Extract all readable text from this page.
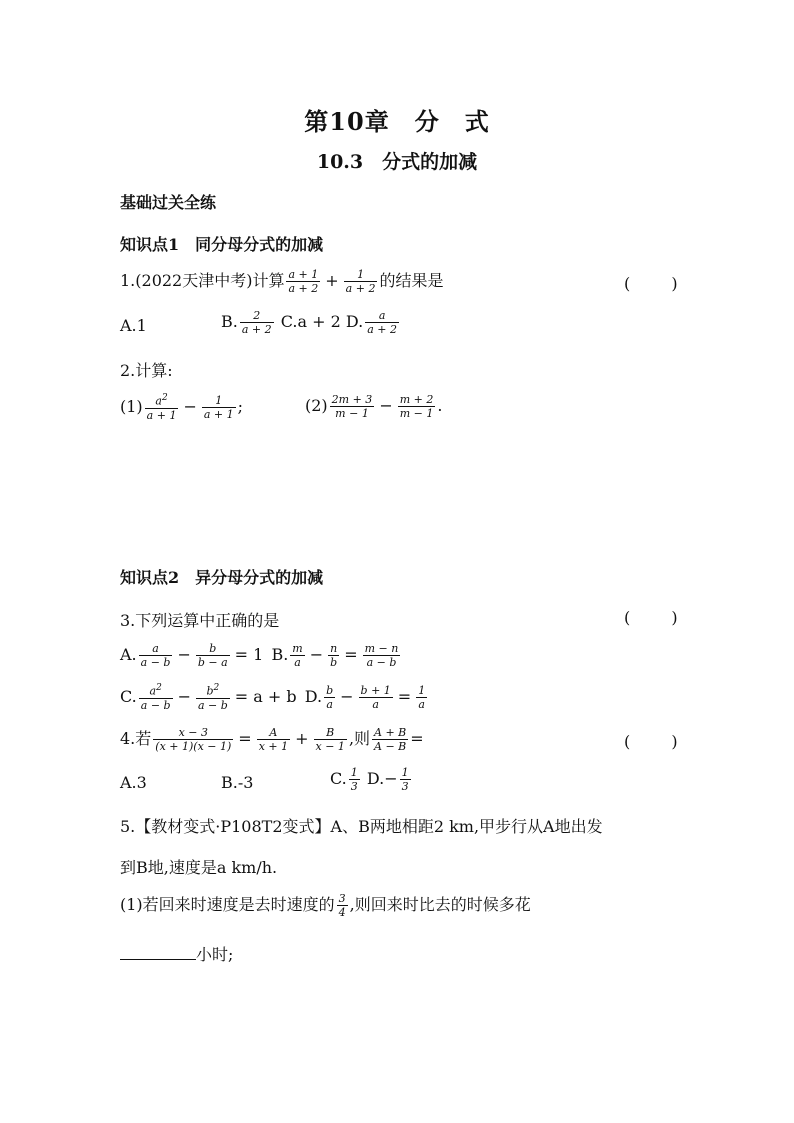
第10章　分　式
10.3　分式的加减
基础过关全练
知识点1　同分母分式的加减
1.(2022天津中考)计算 $\frac{a + 1}{a + 2} + \frac{1}{a + 2}$ 的结果是	( )
A.1	B. $\frac{2}{a + 2} C.a + 2$ D. $\frac{a}{a + 2}$
2.计算:
$(1) \frac{a^2}{a + 1} - \frac{1}{a + 1}$ ;	$(2) \frac{2m + 3}{m - 1} - \frac{m + 2}{m - 1}$ .
知识点2　异分母分式的加减
3.下列运算中正确的是	( )
A. $\frac{a}{a - b} - \frac{b}{b - a} = 1$ B. $\frac{m}{a} - \frac{n}{b} = \frac{m - n}{a - b}$
C. $\frac{a^2}{a - b} - \frac{b^2}{a - b} = a + b$ D. $\frac{b}{a} - \frac{b + 1}{a} = \frac{1}{a}$
4.若 $\frac{x - 3}{(x + 1)(x - 1)} = \frac{A}{x + 1} + \frac{B}{x - 1}$ ,则 $\frac{A + B}{A - B}$ =	( )
A.3	B.-3	C. $\frac{1}{3} D.- \frac{1}{3}$
5.【教材变式·P108T2变式】A、B两地相距2 km,甲步行从A地出发
到B地,速度是a km/h.
(1)若回来时速度是去时速度的 $\frac{3}{4}$ ,则回来时比去的时候多花
小时;
